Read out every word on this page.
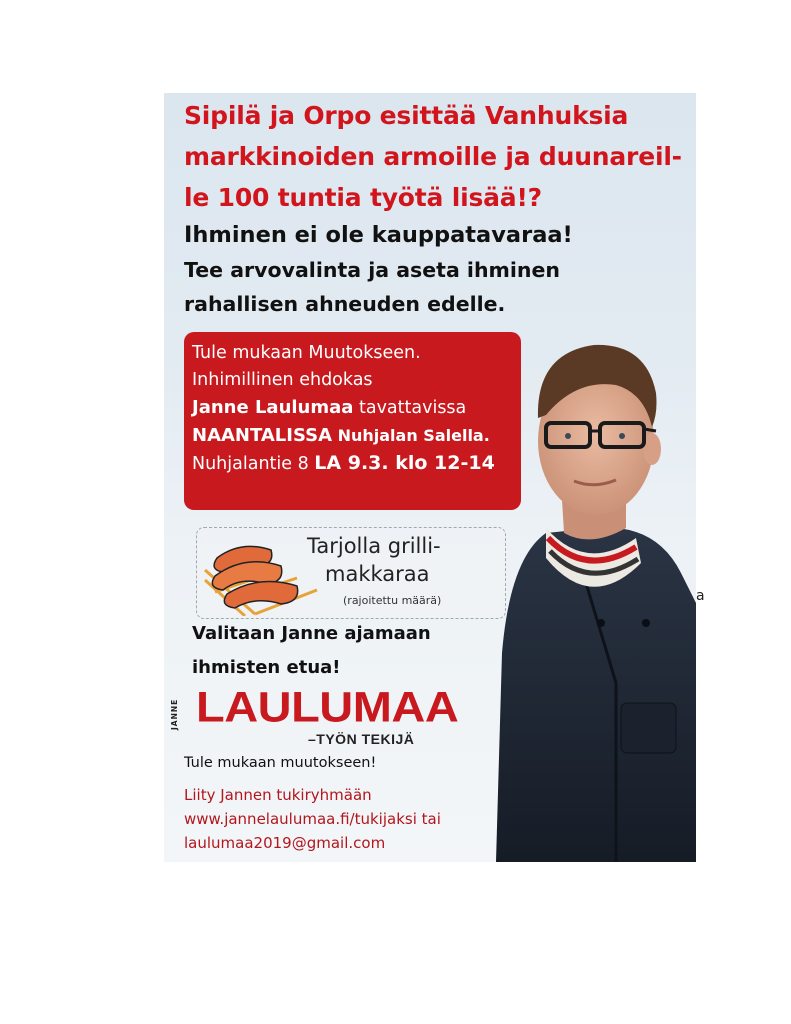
Sipilä ja Orpo esittää Vanhuksia
markkinoiden armoille ja duunareil-
le 100 tuntia työtä lisää!?
Ihminen ei ole kauppatavaraa!
Tee arvovalinta ja aseta ihminen
rahallisen ahneuden edelle.
Tule mukaan Muutokseen.
Inhimillinen ehdokas
Janne Laulumaa tavattavissa
NAANTALISSA Nuhjalan Salella.
Nuhjalantie 8 LA 9.3. klo 12-14
Tarjolla grilli-
makkaraa
(rajoitettu määrä)
Valitaan Janne ajamaan
ihmisten etua!
JANNE LAULUMAA
–TYÖN TEKIJÄ
Tule mukaan muutokseen!
Liity Jannen tukiryhmään
www.jannelaulumaa.fi/tukijaksi tai
laulumaa2019@gmail.com
a
